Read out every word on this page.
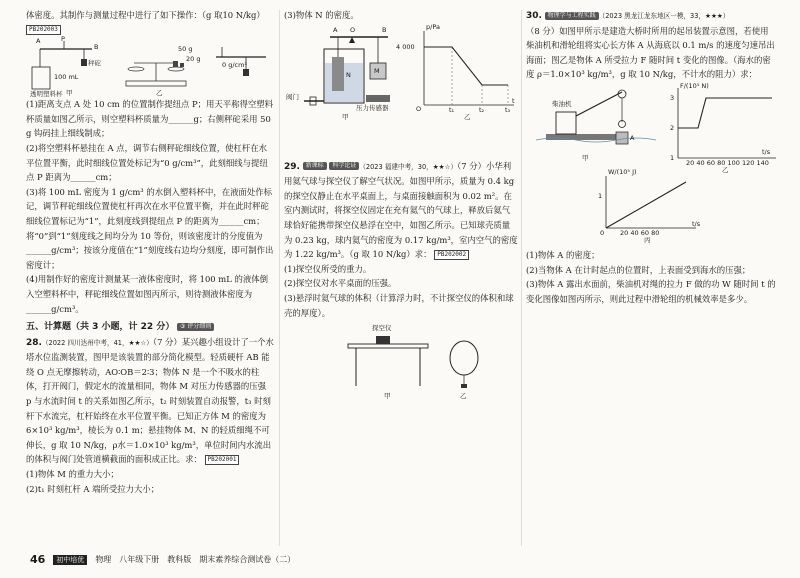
体密度。其制作与测量过程中进行了如下操作：（g 取10 N/kg） PB202003

A	P
B
100 mL
透明塑料杯
秤砣
50 g
20 g
0 g/cm³
甲	乙

(1)距离支点 A 处 10 cm 的位置制作提纽点 P；用天平称得空塑料杯质量如图乙所示，则空塑料杯质量为______g；右侧秤砣采用 50 g 钩码挂上细线制成；

(2)将空塑料杯悬挂在 A 点，调节右侧秤砣细线位置，使杠杆在水平位置平衡，此时细线位置处标记为“0 g/cm³”，此刻细线与提纽点 P 距离为______cm；

(3)将 100 mL 密度为 1 g/cm³ 的水倒入塑料杯中，在液面处作标记，调节秤砣细线位置使杠杆再次在水平位置平衡，并在此时秤砣细线位置标记为“1”，此刻度线到提纽点 P 的距离为______cm；将“0”到“1”刻度线之间均分为 10 等份，则该密度计的分度值为______g/cm³；按该分度值在“1”刻度线右边均分刻度，即可制作出密度计；

(4)用制作好的密度计测量某一液体密度时，将 100 mL 的液体倒入空塑料杯中，秤砣细线位置如图丙所示，则待测液体密度为______g/cm³。

五、计算题（共 3 小题，计 22 分） ③ 评分细则

28.（2022 四川达州中考，41，★★☆）（7 分）某兴趣小组设计了一个水塔水位监测装置，图甲是该装置的部分简化模型。轻质硬杆 AB 能绕 O 点无摩擦转动，AO∶OB＝2∶3；物体 N 是一个不吸水的柱体，打开阀门，假定水的流量相同，物体 M 对压力传感器的压强 p 与水流时间 t 的关系如图乙所示，t₂ 时刻装置自动报警，t₃ 时刻杆下水流完，杠杆始终在水平位置平衡。已知正方体 M 的密度为 6×10³ kg/m³，棱长为 0.1 m；悬挂物体 M、N 的轻质细绳不可伸长，g 取 10 N/kg，ρ水＝1.0×10³ kg/m³，单位时间内水流出的体积与阀门处管道横截面的面积成正比。求： PB202001

(1)物体 M 的重力大小；

(2)t₁ 时刻杠杆 A 端所受拉力大小；

(3)物体 N 的密度。

A O	B
N	M
阀门
压力传感器
p/Pa
4 000
O	t₁	t₂	t₃
t
甲	乙

29. 新课标 科学论证 （2023 福建中考，30，★★☆）（7 分）小华利用氦气球与探空仪了解空气状况。如图甲所示，质量为 0.4 kg 的探空仪静止在水平桌面上，与桌面接触面积为 0.02 m²。在室内测试时，将探空仪固定在充有氦气的气球上，释放后氦气球恰好能携带探空仪悬浮在空中，如图乙所示。已知球壳质量为 0.23 kg，球内氦气的密度为 0.17 kg/m³，室内空气的密度为 1.22 kg/m³。（g 取 10 N/kg）求： PB202002

(1)探空仪所受的重力。

(2)探空仪对水平桌面的压强。

(3)悬浮时氦气球的体积（计算浮力时，不计探空仪的体积和球壳的厚度）。

探空仪
甲	乙

30. 物理学与工程实践 （2023 黑龙江龙东地区一模，33，★★★）

（8 分）如图甲所示是建造大桥时所用的起吊装置示意图，若使用柴油机和滑轮组将实心长方体 A 从海底以 0.1 m/s 的速度匀速吊出海面；图乙是物体 A 所受拉力 F 随时间 t 变化的图像。（海水的密度 ρ＝1.0×10³ kg/m³，g 取 10 N/kg，不计水的阻力）求：

柴油机
A
甲
F/(10⁵ N)
3
2
1
20 40 60 80 100 120 140
t/s
乙
W/(10⁵ J)
1
0 20 40 60 80
t/s
丙

(1)物体 A 的密度；

(2)当物体 A 在计时起点的位置时，上表面受到海水的压强；

(3)物体 A 露出水面前，柴油机对绳的拉力 F 做的功 W 随时间 t 的变化图像如图丙所示，则此过程中滑轮组的机械效率是多少。

46	初中培优	物理　八年级下册　教科版 期末素养综合测试卷（二）
